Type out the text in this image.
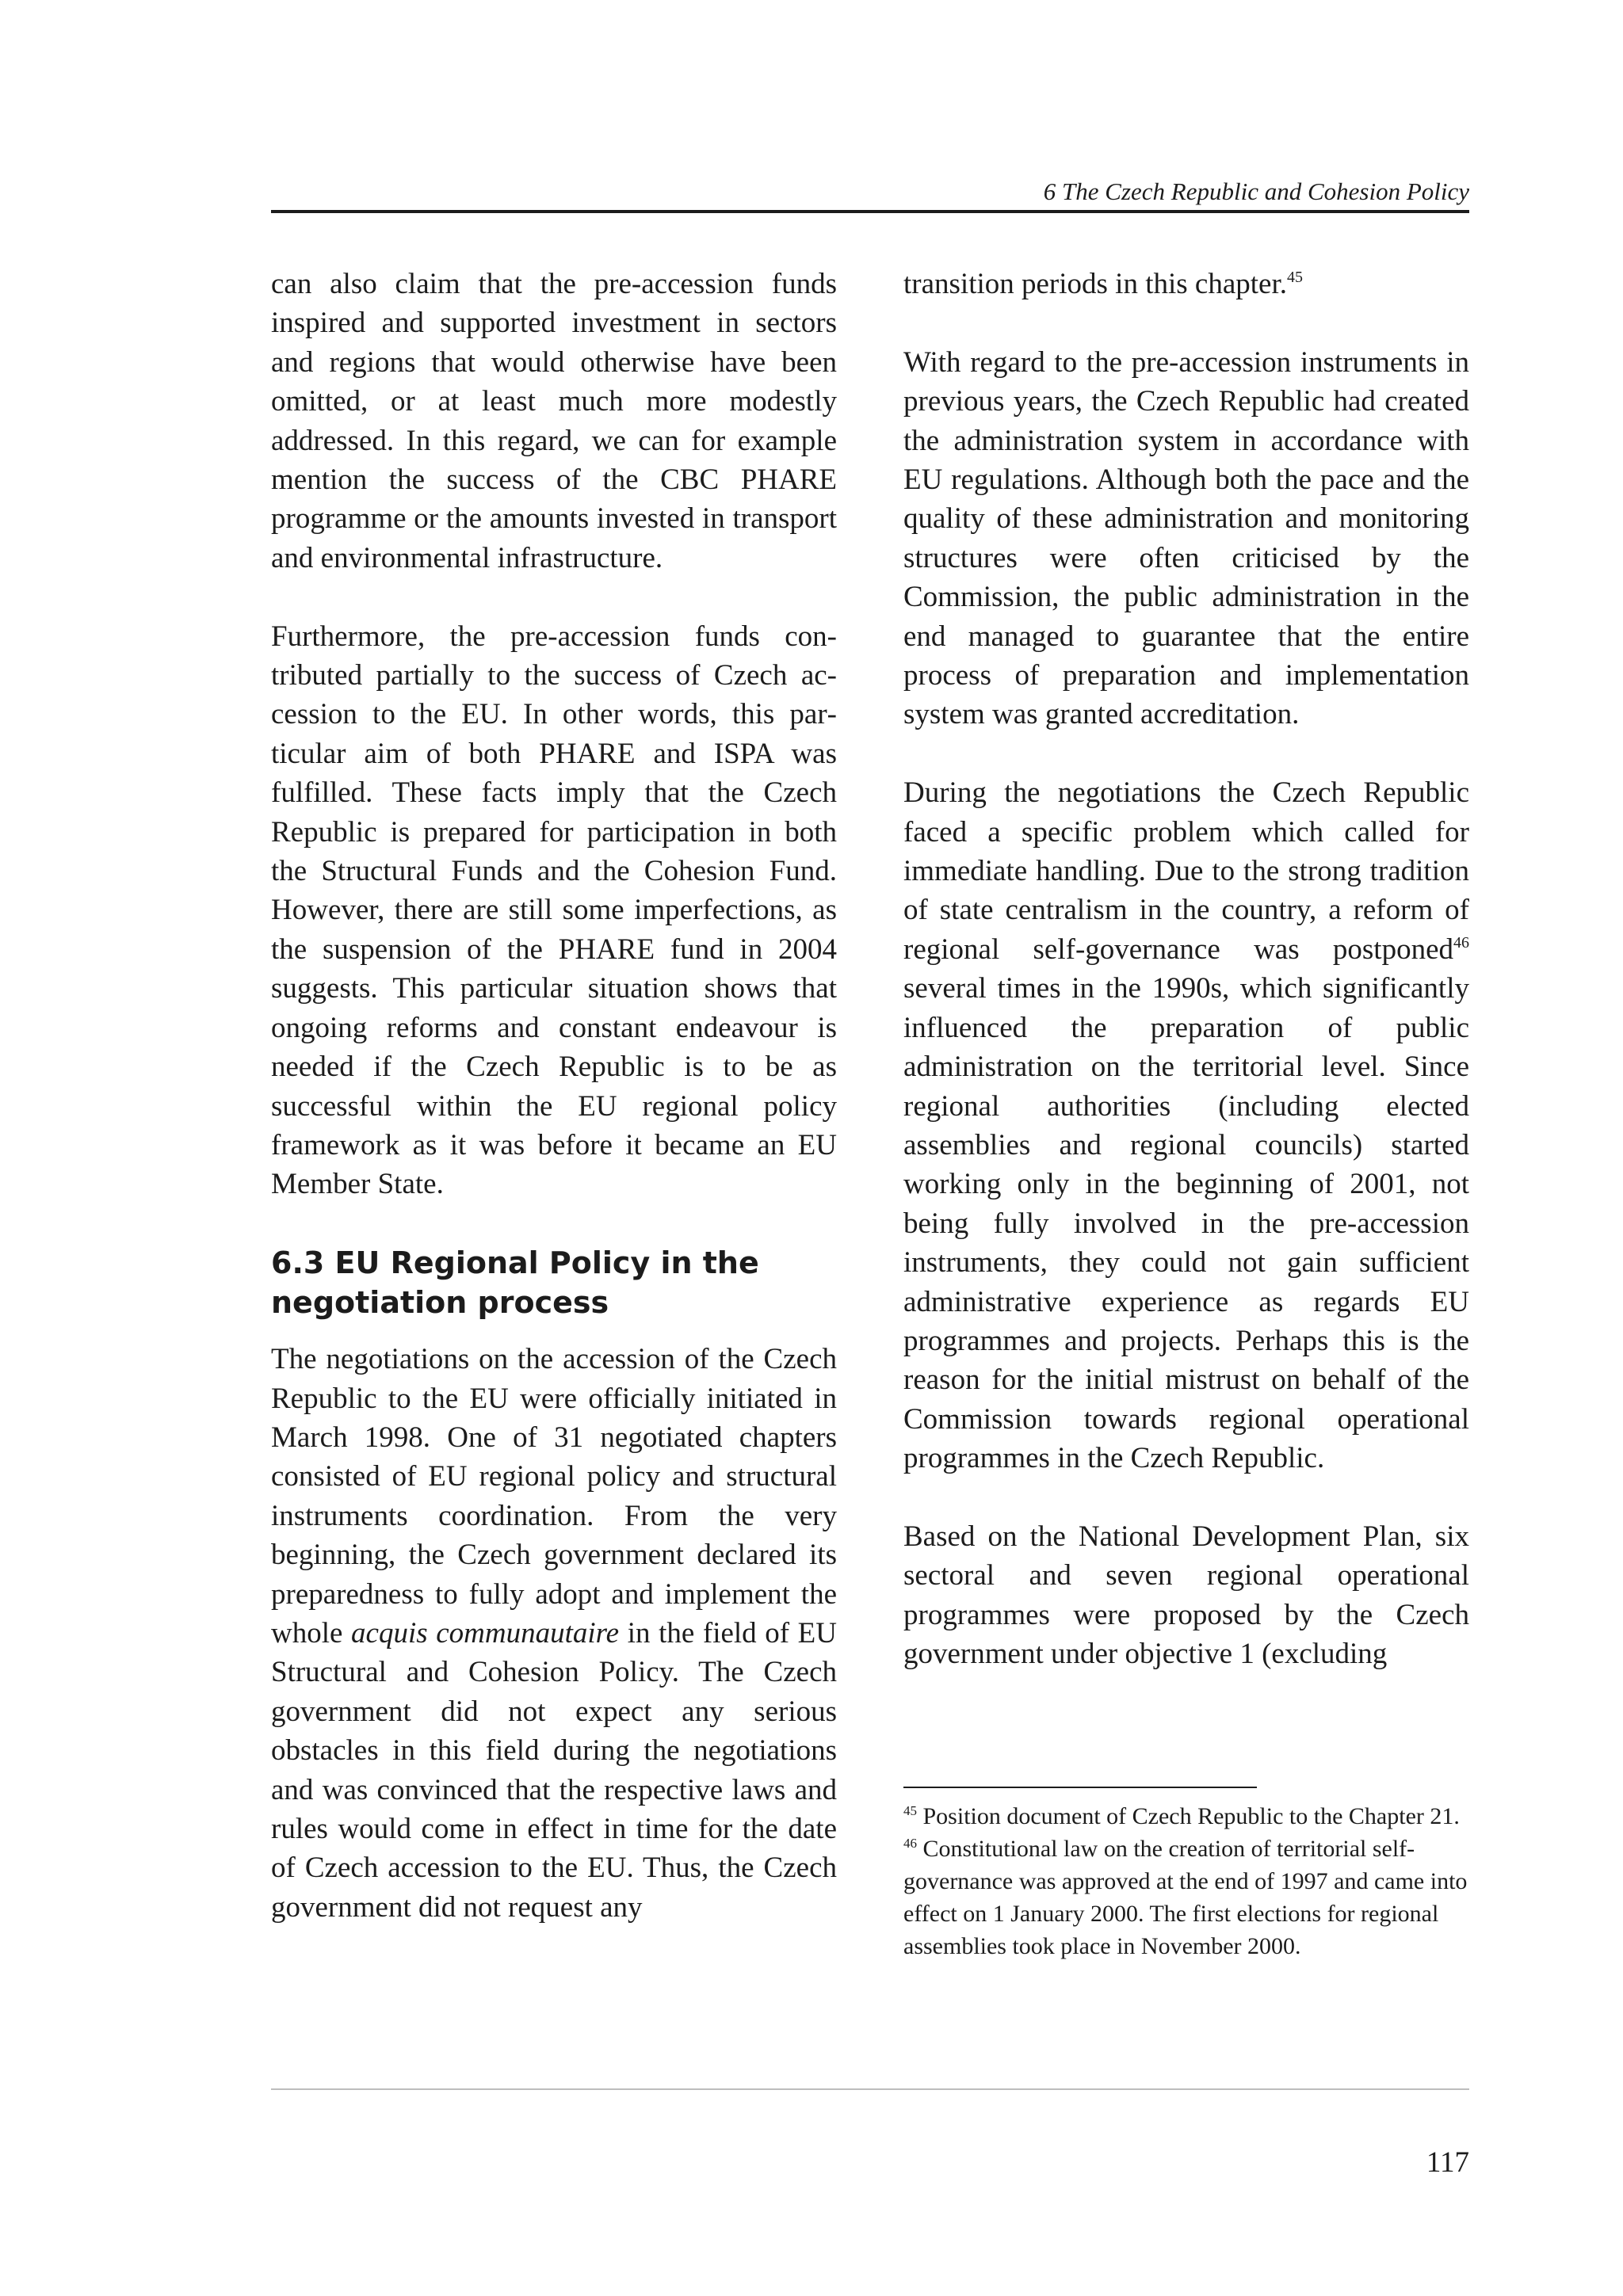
6 The Czech Republic and Cohesion Policy

can also claim that the pre-accession funds inspired and supported investment in sectors and regions that would otherwise have been omitted, or at least much more modestly addressed. In this regard, we can for example mention the success of the CBC PHARE programme or the amounts invested in transport and environmental infrastructure.

Furthermore, the pre-accession funds contributed partially to the success of Czech accession to the EU. In other words, this particular aim of both PHARE and ISPA was fulfilled. These facts imply that the Czech Republic is prepared for participation in both the Structural Funds and the Cohesion Fund. However, there are still some imperfections, as the suspension of the PHARE fund in 2004 suggests. This particular situation shows that ongoing reforms and constant endeavour is needed if the Czech Republic is to be as successful within the EU regional policy framework as it was before it became an EU Member State.

6.3 EU Regional Policy in the negotiation process

The negotiations on the accession of the Czech Republic to the EU were officially initiated in March 1998. One of 31 negotiated chapters consisted of EU regional policy and structural instruments coordination. From the very beginning, the Czech government declared its preparedness to fully adopt and implement the whole acquis communautaire in the field of EU Structural and Cohesion Policy. The Czech government did not expect any serious obstacles in this field during the negotiations and was convinced that the respective laws and rules would come in effect in time for the date of Czech accession to the EU. Thus, the Czech government did not request any

transition periods in this chapter.$^{45}$

With regard to the pre-accession instruments in previous years, the Czech Republic had created the administration system in accordance with EU regulations. Although both the pace and the quality of these administration and monitoring structures were often criticised by the Commission, the public administration in the end managed to guarantee that the entire process of preparation and implementation system was granted accreditation.

During the negotiations the Czech Republic faced a specific problem which called for immediate handling. Due to the strong tradition of state centralism in the country, a reform of regional self-governance was postponed$^{46}$ several times in the 1990s, which significantly influenced the preparation of public administration on the territorial level. Since regional authorities (including elected assemblies and regional councils) started working only in the beginning of 2001, not being fully involved in the pre-accession instruments, they could not gain sufficient administrative experience as regards EU programmes and projects. Perhaps this is the reason for the initial mistrust on behalf of the Commission towards regional operational programmes in the Czech Republic.

Based on the National Development Plan, six sectoral and seven regional operational programmes were proposed by the Czech government under objective 1 (excluding

$^{45}$ Position document of Czech Republic to the Chapter 21.

$^{46}$ Constitutional law on the creation of territorial self-governance was approved at the end of 1997 and came into effect on 1 January 2000. The first elections for regional assemblies took place in November 2000.

117
